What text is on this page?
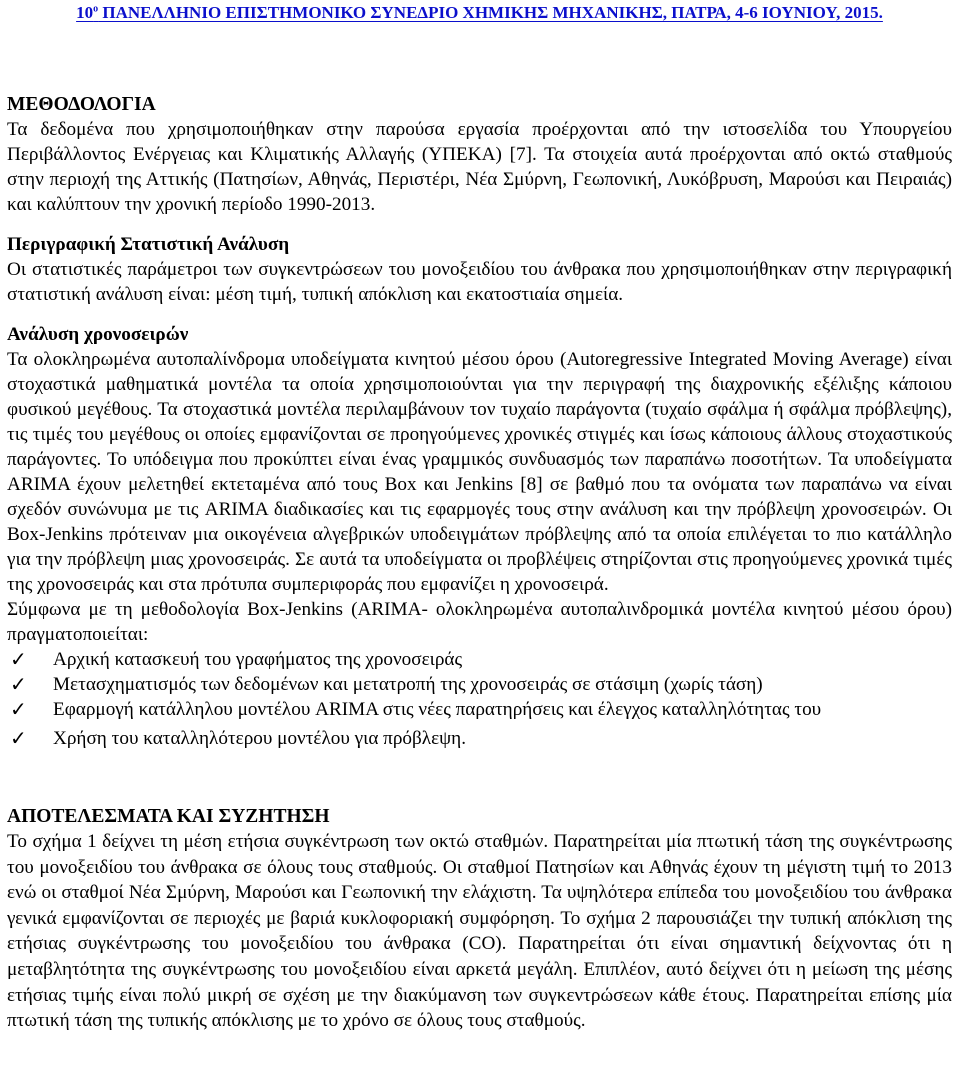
$10^o$ ΠΑΝΕΛΛΗΝΙΟ ΕΠΙΣΤΗΜΟΝΙΚΟ ΣΥΝΕΔΡΙΟ ΧΗΜΙΚΗΣ ΜΗΧΑΝΙΚΗΣ, ΠΑΤΡΑ, 4-6 ΙΟΥΝΙΟΥ, 2015.
ΜΕΘΟΔΟΛΟΓΙΑ

Τα δεδομένα που χρησιμοποιήθηκαν στην παρούσα εργασία προέρχονται από την ιστοσελίδα του Υπουργείου Περιβάλλοντος Ενέργειας και Κλιματικής Αλλαγής (ΥΠΕΚΑ) [7]. Τα στοιχεία αυτά προέρχονται από οκτώ σταθμούς στην περιοχή της Αττικής (Πατησίων, Αθηνάς, Περιστέρι, Νέα Σμύρνη, Γεωπονική, Λυκόβρυση, Μαρούσι και Πειραιάς) και καλύπτουν την χρονική περίοδο 1990-2013.

Περιγραφική Στατιστική Ανάλυση

Οι στατιστικές παράμετροι των συγκεντρώσεων του μονοξειδίου του άνθρακα που χρησιμοποιήθηκαν στην περιγραφική στατιστική ανάλυση είναι: μέση τιμή, τυπική απόκλιση και εκατοστιαία σημεία.

Ανάλυση χρονοσειρών

Τα ολοκληρωμένα αυτοπαλίνδρομα υποδείγματα κινητού μέσου όρου (Autoregressive Integrated Moving Average) είναι στοχαστικά μαθηματικά μοντέλα τα οποία χρησιμοποιούνται για την περιγραφή της διαχρονικής εξέλιξης κάποιου φυσικού μεγέθους. Τα στοχαστικά μοντέλα περιλαμβάνουν τον τυχαίο παράγοντα (τυχαίο σφάλμα ή σφάλμα πρόβλεψης), τις τιμές του μεγέθους οι οποίες εμφανίζονται σε προηγούμενες χρονικές στιγμές και ίσως κάποιους άλλους στοχαστικούς παράγοντες. Το υπόδειγμα που προκύπτει είναι ένας γραμμικός συνδυασμός των παραπάνω ποσοτήτων. Τα υποδείγματα ARIMA έχουν μελετηθεί εκτεταμένα από τους Box και Jenkins [8] σε βαθμό που τα ονόματα των παραπάνω να είναι σχεδόν συνώνυμα με τις ARIMA διαδικασίες και τις εφαρμογές τους στην ανάλυση και την πρόβλεψη χρονοσειρών. Οι Box-Jenkins πρότειναν μια οικογένεια αλγεβρικών υποδειγμάτων πρόβλεψης από τα οποία επιλέγεται το πιο κατάλληλο για την πρόβλεψη μιας χρονοσειράς. Σε αυτά τα υποδείγματα οι προβλέψεις στηρίζονται στις προηγούμενες χρονικά τιμές της χρονοσειράς και στα πρότυπα συμπεριφοράς που εμφανίζει η χρονοσειρά.

Σύμφωνα με τη μεθοδολογία Box-Jenkins (ARIMA- ολοκληρωμένα αυτοπαλινδρομικά μοντέλα κινητού μέσου όρου) πραγματοποιείται:

✓ Αρχική κατασκευή του γραφήματος της χρονοσειράς
✓ Μετασχηματισμός των δεδομένων και μετατροπή της χρονοσειράς σε στάσιμη (χωρίς τάση)
✓ Εφαρμογή κατάλληλου μοντέλου ARIMA στις νέες παρατηρήσεις και έλεγχος καταλληλότητας του
✓ Χρήση του καταλληλότερου μοντέλου για πρόβλεψη.
ΑΠΟΤΕΛΕΣΜΑΤΑ ΚΑΙ ΣΥΖΗΤΗΣΗ

Το σχήμα 1 δείχνει τη μέση ετήσια συγκέντρωση των οκτώ σταθμών. Παρατηρείται μία πτωτική τάση της συγκέντρωσης του μονοξειδίου του άνθρακα σε όλους τους σταθμούς. Οι σταθμοί Πατησίων και Αθηνάς έχουν τη μέγιστη τιμή το 2013 ενώ οι σταθμοί Νέα Σμύρνη, Μαρούσι και Γεωπονική την ελάχιστη. Τα υψηλότερα επίπεδα του μονοξειδίου του άνθρακα γενικά εμφανίζονται σε περιοχές με βαριά κυκλοφοριακή συμφόρηση. Το σχήμα 2 παρουσιάζει την τυπική απόκλιση της ετήσιας συγκέντρωσης του μονοξειδίου του άνθρακα (CO). Παρατηρείται ότι είναι σημαντική δείχνοντας ότι η μεταβλητότητα της συγκέντρωσης του μονοξειδίου είναι αρκετά μεγάλη. Επιπλέον, αυτό δείχνει ότι η μείωση της μέσης ετήσιας τιμής είναι πολύ μικρή σε σχέση με την διακύμανση των συγκεντρώσεων κάθε έτους. Παρατηρείται επίσης μία πτωτική τάση της τυπικής απόκλισης με το χρόνο σε όλους τους σταθμούς.
